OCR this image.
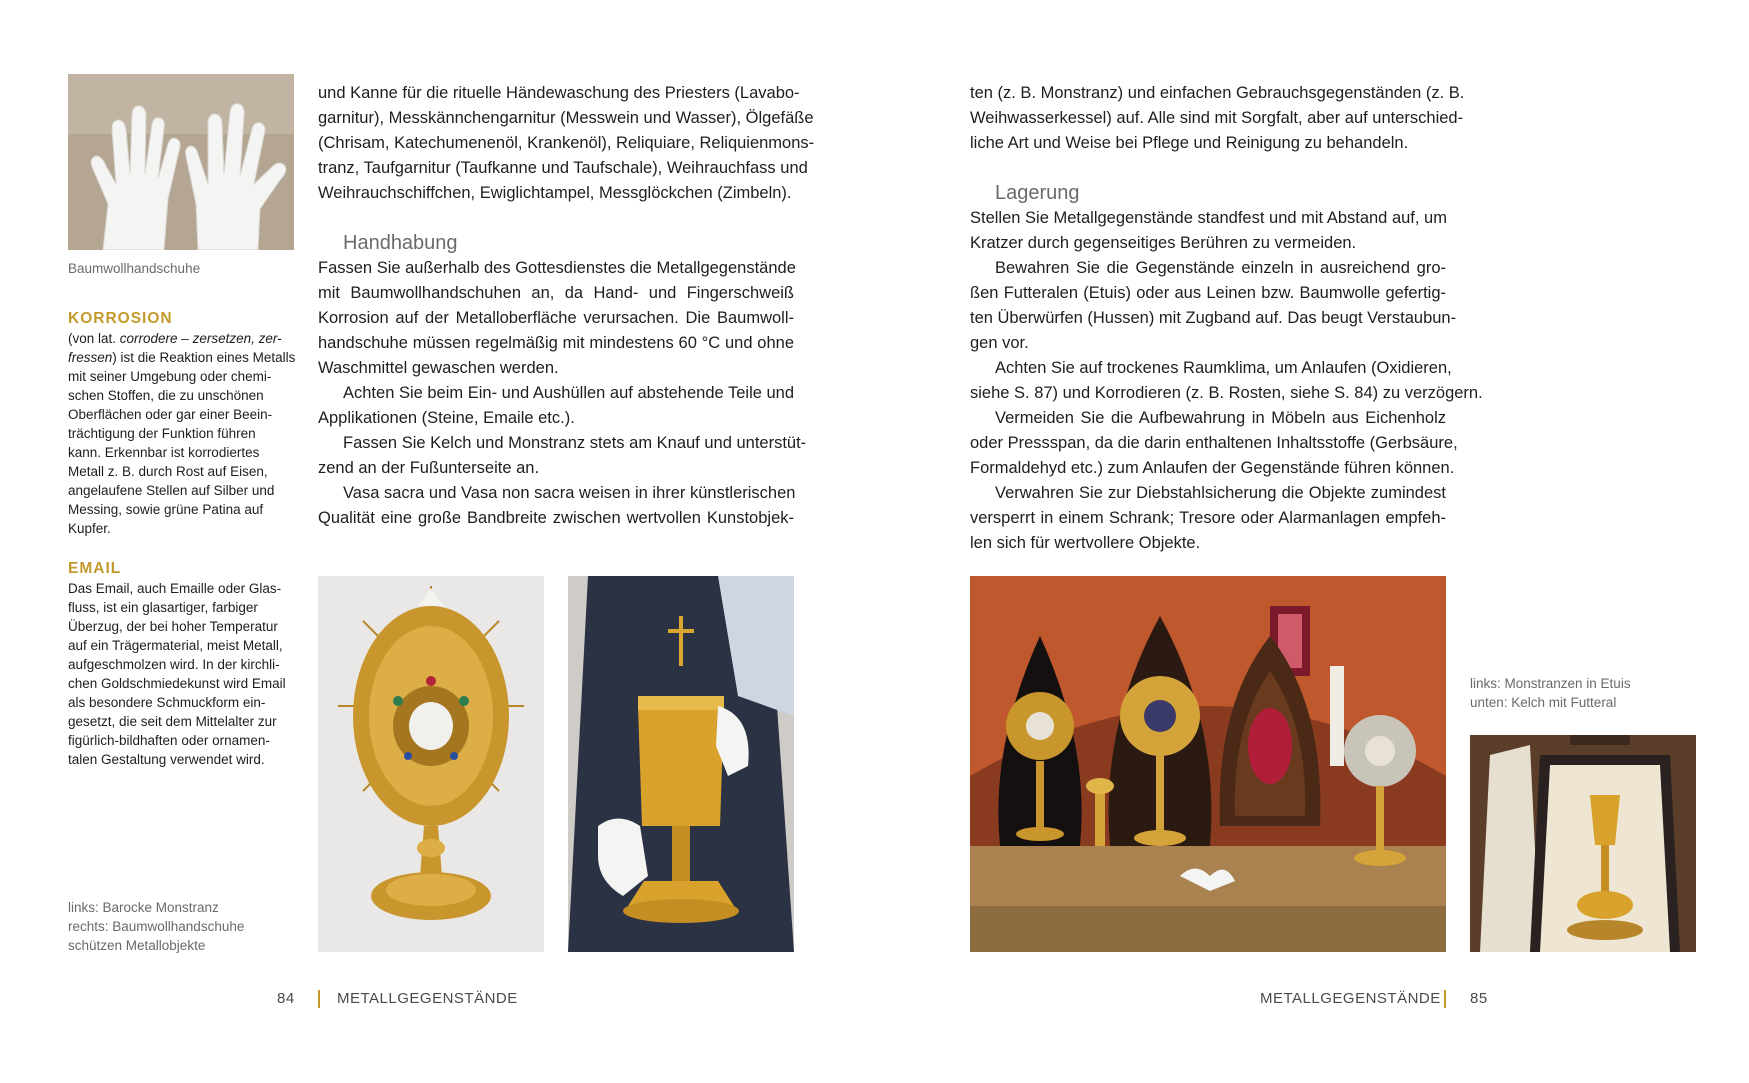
Baumwollhandschuhe
KORROSION
(von lat. corrodere – zersetzen, zer-
fressen) ist die Reaktion eines Metalls
mit seiner Umgebung oder chemi-
schen Stoffen, die zu unschönen
Oberflächen oder gar einer Beein-
trächtigung der Funktion führen
kann. Erkennbar ist korrodiertes
Metall z. B. durch Rost auf Eisen,
angelaufene Stellen auf Silber und
Messing, sowie grüne Patina auf
Kupfer.
EMAIL
Das Email, auch Emaille oder Glas-
fluss, ist ein glasartiger, farbiger
Überzug, der bei hoher Temperatur
auf ein Trägermaterial, meist Metall,
aufgeschmolzen wird. In der kirchli-
chen Goldschmiedekunst wird Email
als besondere Schmuckform ein-
gesetzt, die seit dem Mittelalter zur
figürlich-bildhaften oder ornamen-
talen Gestaltung verwendet wird.
links: Barocke Monstranz
rechts: Baumwollhandschuhe
schützen Metallobjekte
und Kanne für die rituelle Händewaschung des Priesters (Lavabo-
garnitur), Messkännchengarnitur (Messwein und Wasser), Ölgefäße
(Chrisam, Katechumenenöl, Krankenöl), Reliquiare, Reliquienmons-
tranz, Taufgarnitur (Taufkanne und Taufschale), Weihrauchfass und
Weihrauchschiffchen, Ewiglichtampel, Messglöckchen (Zimbeln).
Handhabung
Fassen Sie außerhalb des Gottesdienstes die Metallgegenstände
mit Baumwollhandschuhen an, da Hand- und Fingerschweiß
Korrosion auf der Metalloberfläche verursachen. Die Baumwoll-
handschuhe müssen regelmäßig mit mindestens 60 °C und ohne
Waschmittel gewaschen werden.
Achten Sie beim Ein- und Aushüllen auf abstehende Teile und
Applikationen (Steine, Emaile etc.).
Fassen Sie Kelch und Monstranz stets am Knauf und unterstüt-
zend an der Fußunterseite an.
Vasa sacra und Vasa non sacra weisen in ihrer künstlerischen
Qualität eine große Bandbreite zwischen wertvollen Kunstobjek-
84	METALLGEGENSTÄNDE
ten (z. B. Monstranz) und einfachen Gebrauchsgegenständen (z. B.
Weihwasserkessel) auf. Alle sind mit Sorgfalt, aber auf unterschied-
liche Art und Weise bei Pflege und Reinigung zu behandeln.
Lagerung
Stellen Sie Metallgegenstände standfest und mit Abstand auf, um
Kratzer durch gegenseitiges Berühren zu vermeiden.
Bewahren Sie die Gegenstände einzeln in ausreichend gro-
ßen Futteralen (Etuis) oder aus Leinen bzw. Baumwolle gefertig-
ten Überwürfen (Hussen) mit Zugband auf. Das beugt Verstaubun-
gen vor.
Achten Sie auf trockenes Raumklima, um Anlaufen (Oxidieren,
siehe S. 87) und Korrodieren (z. B. Rosten, siehe S. 84) zu verzögern.
Vermeiden Sie die Aufbewahrung in Möbeln aus Eichenholz
oder Pressspan, da die darin enthaltenen Inhaltsstoffe (Gerbsäure,
Formaldehyd etc.) zum Anlaufen der Gegenstände führen können.
Verwahren Sie zur Diebstahlsicherung die Objekte zumindest
versperrt in einem Schrank; Tresore oder Alarmanlagen empfeh-
len sich für wertvollere Objekte.
links: Monstranzen in Etuis
unten: Kelch mit Futteral
METALLGEGENSTÄNDE 85
